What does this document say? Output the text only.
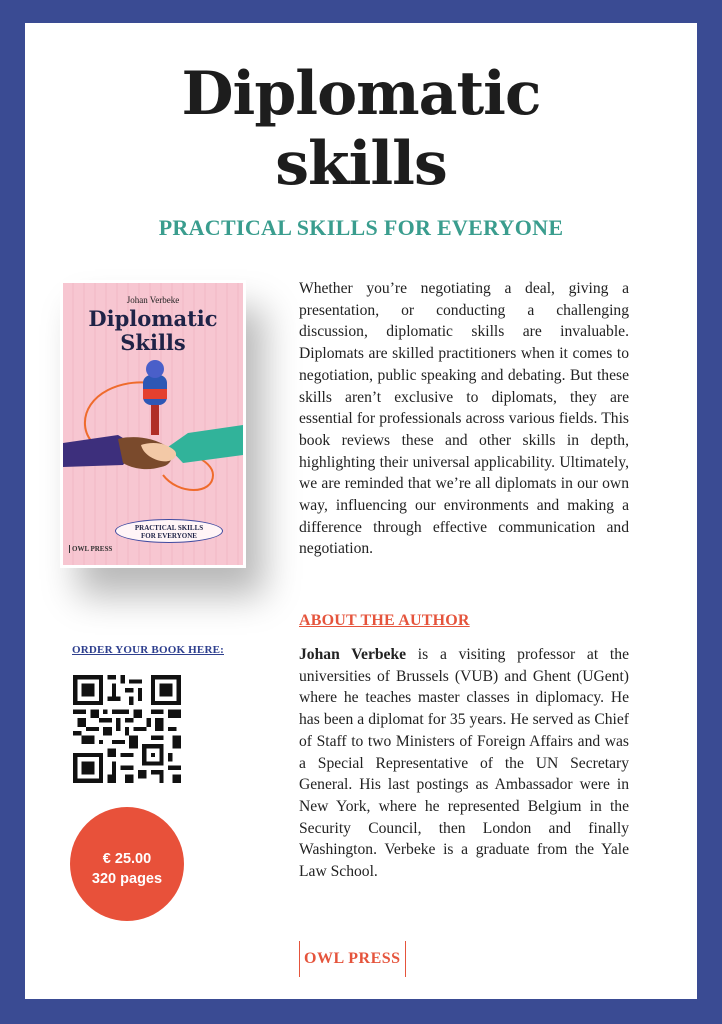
Diplomatic
skills
PRACTICAL SKILLS FOR EVERYONE
Johan Verbeke
Diplomatic
Skills
PRACTICAL SKILLS
FOR EVERYONE
OWL PRESS
Whether you’re negotiating a deal, giving a presentation, or conducting a challenging discussion, diplomatic skills are invaluable. Diplomats are skilled practitioners when it comes to negotiation, public speaking and debating. But these skills aren’t exclusive to diplomats, they are essential for professionals across various fields. This book reviews these and other skills in depth, highlighting their universal applicability. Ultimately, we are reminded that we’re all diplomats in our own way, influencing our environments and making a difference through effective communication and negotiation.
ABOUT THE AUTHOR
Johan Verbeke is a visiting professor at the universities of Brussels (VUB) and Ghent (UGent) where he teaches master classes in diplomacy. He has been a diplomat for 35 years. He served as Chief of Staff to two Ministers of Foreign Affairs and was a Special Representative of the UN Secretary General. His last postings as Ambassador were in New York, where he represented Belgium in the Security Council, then London and finally Washington. Verbeke is a graduate from the Yale Law School.
ORDER YOUR BOOK HERE:
€ 25.00
320 pages
OWL PRESS
